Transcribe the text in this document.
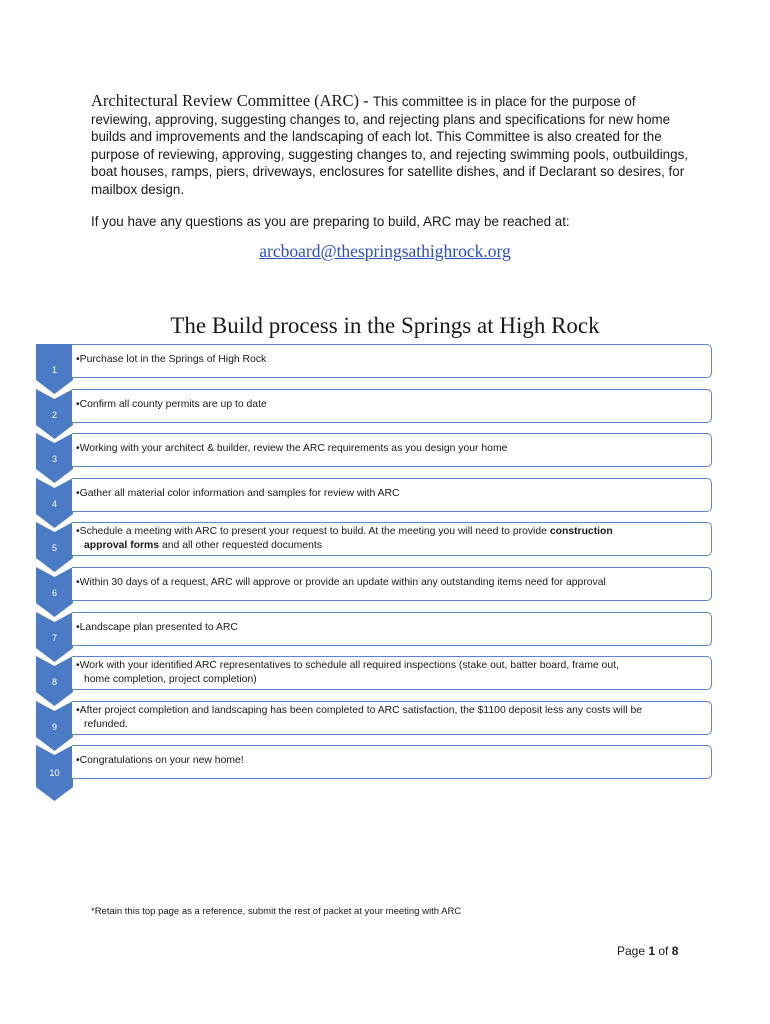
Architectural Review Committee (ARC) - This committee is in place for the purpose of reviewing, approving, suggesting changes to, and rejecting plans and specifications for new home builds and improvements and the landscaping of each lot. This Committee is also created for the purpose of reviewing, approving, suggesting changes to, and rejecting swimming pools, outbuildings, boat houses, ramps, piers, driveways, enclosures for satellite dishes, and if Declarant so desires, for mailbox design.
If you have any questions as you are preparing to build, ARC may be reached at:
arcboard@thespringsathighrock.org
The Build process in the Springs at High Rock
1
•Purchase lot in the Springs of High Rock
2
•Confirm all county permits are up to date
3
•Working with your architect & builder, review the ARC requirements as you design your home
4
•Gather all material color information and samples for review with ARC
5
•Schedule a meeting with ARC to present your request to build. At the meeting you will need to provide construction
approval forms and all other requested documents
6
•Within 30 days of a request, ARC will approve or provide an update within any outstanding items need for approval
7
•Landscape plan presented to ARC
8
•Work with your identified ARC representatives to schedule all required inspections (stake out, batter board, frame out,
home completion, project completion)
9
•After project completion and landscaping has been completed to ARC satisfaction, the $1100 deposit less any costs will be
refunded.
10
•Congratulations on your new home!
*Retain this top page as a reference, submit the rest of packet at your meeting with ARC
Page 1 of 8
